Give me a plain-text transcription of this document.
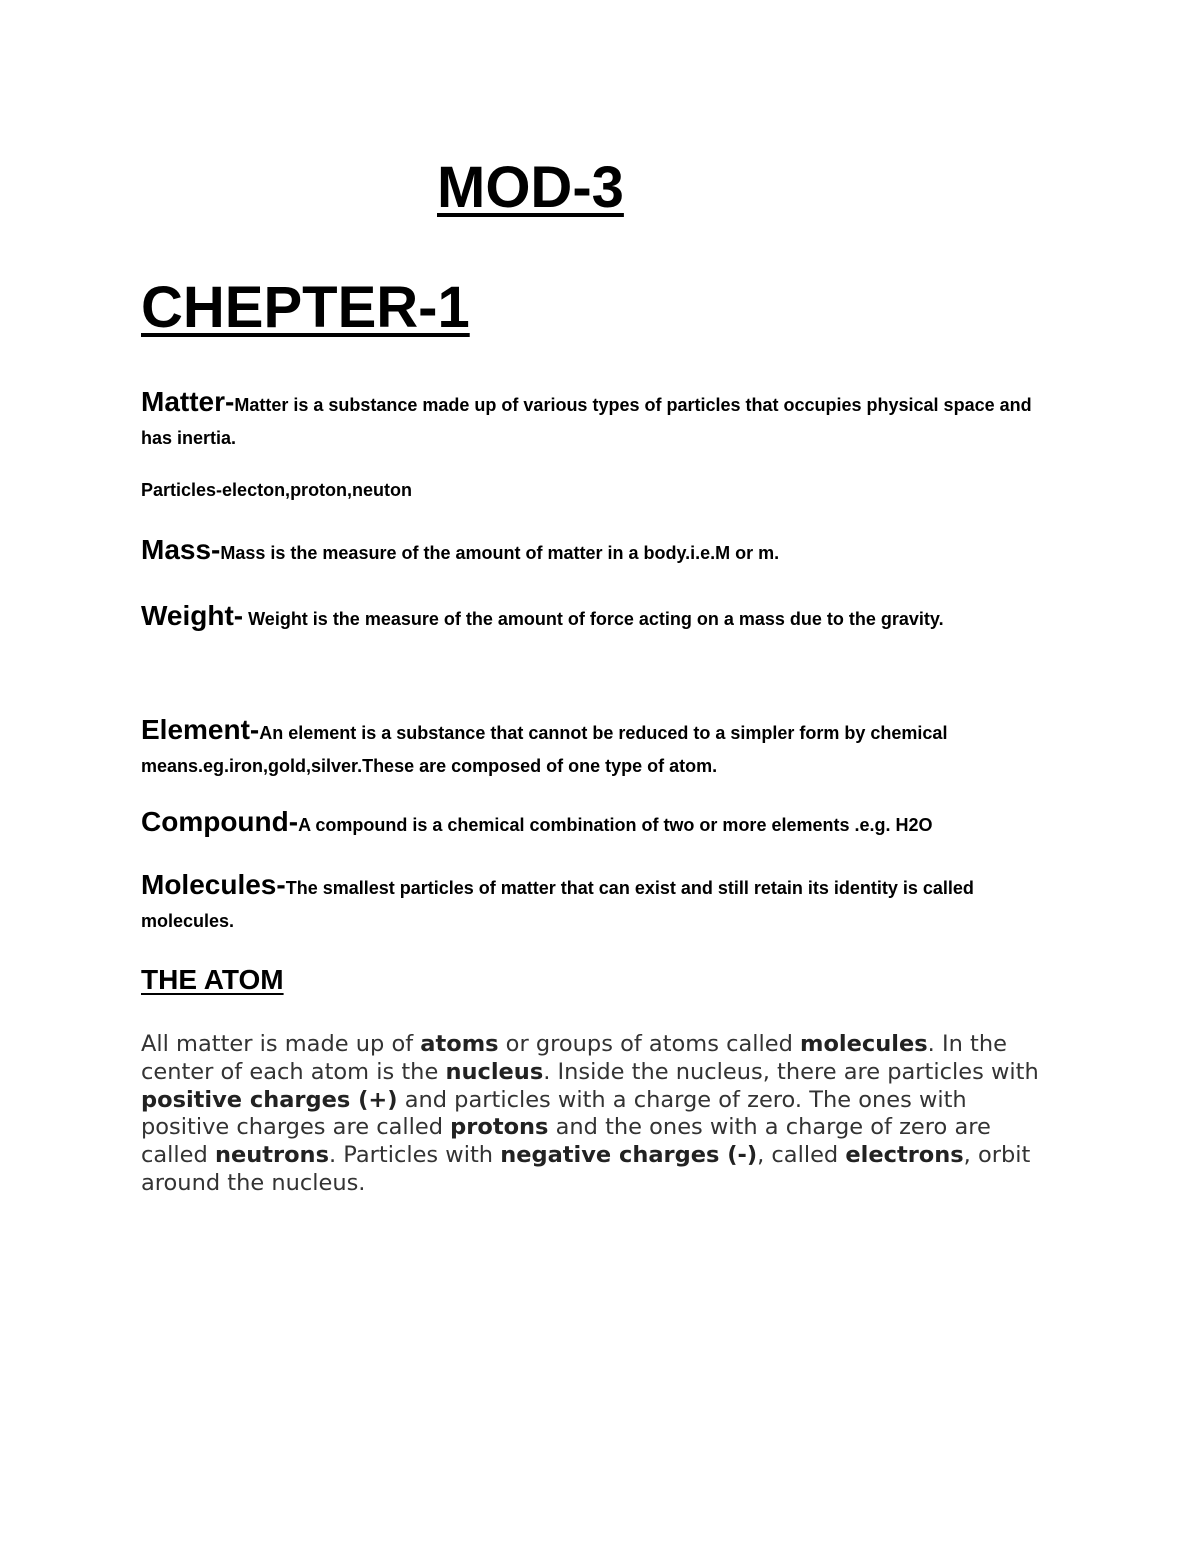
MOD-3
CHEPTER-1

Matter-Matter is a substance made up of various types of particles that occupies physical space and has inertia.

Particles-electon,proton,neuton

Mass-Mass is the measure of the amount of matter in a body.i.e.M or m.

Weight- Weight is the measure of the amount of force acting on a mass due to the gravity.

Element-An element is a substance that cannot be reduced to a simpler form by chemical means.eg.iron,gold,silver.These are composed of one type of atom.

Compound-A compound is a chemical combination of two or more elements .e.g. H2O

Molecules-The smallest particles of matter that can exist and still retain its identity is called molecules.

THE ATOM

All matter is made up of atoms or groups of atoms called molecules. In the center of each atom is the nucleus. Inside the nucleus, there are particles with positive charges (+) and particles with a charge of zero. The ones with positive charges are called protons and the ones with a charge of zero are called neutrons. Particles with negative charges (-), called electrons, orbit around the nucleus.
